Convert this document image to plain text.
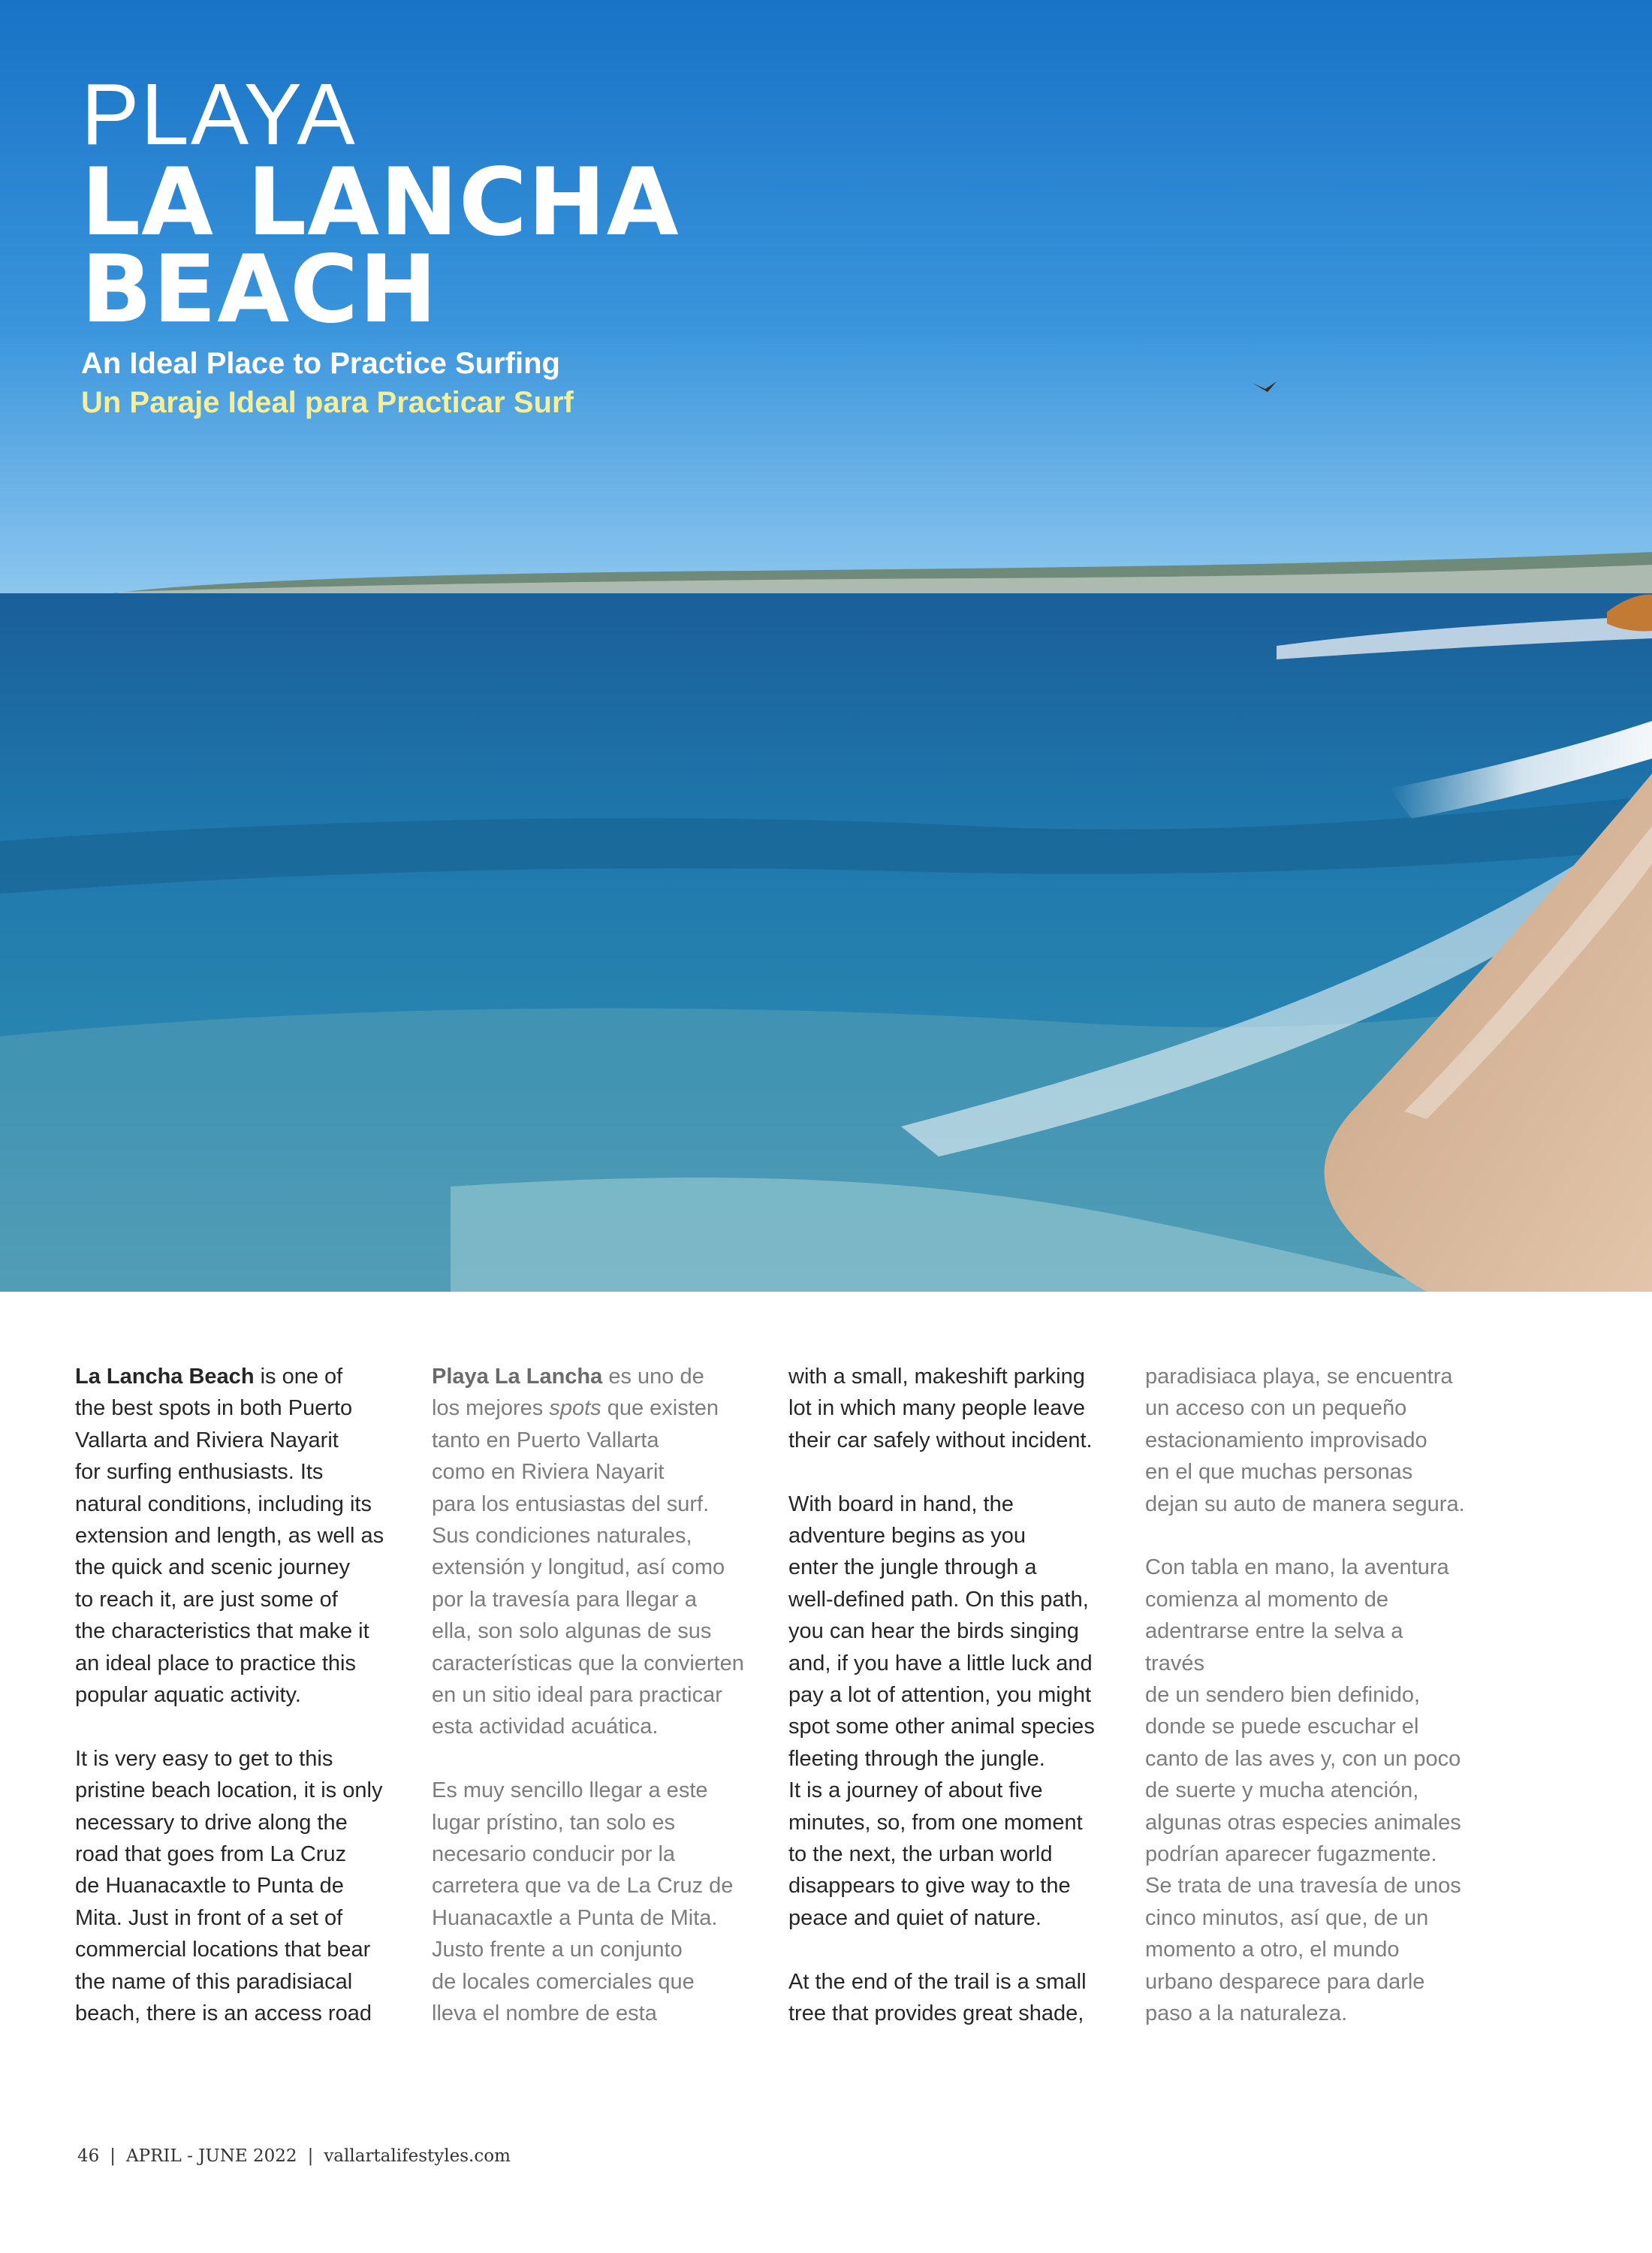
PLAYA
LA LANCHA
BEACH
An Ideal Place to Practice Surfing
Un Paraje Ideal para Practicar Surf

La Lancha Beach is one of
the best spots in both Puerto
Vallarta and Riviera Nayarit
for surfing enthusiasts. Its
natural conditions, including its
extension and length, as well as
the quick and scenic journey
to reach it, are just some of
the characteristics that make it
an ideal place to practice this
popular aquatic activity.

It is very easy to get to this
pristine beach location, it is only
necessary to drive along the
road that goes from La Cruz
de Huanacaxtle to Punta de
Mita. Just in front of a set of
commercial locations that bear
the name of this paradisiacal
beach, there is an access road

Playa La Lancha es uno de
los mejores spots que existen
tanto en Puerto Vallarta
como en Riviera Nayarit
para los entusiastas del surf.
Sus condiciones naturales,
extensión y longitud, así como
por la travesía para llegar a
ella, son solo algunas de sus
características que la convierten
en un sitio ideal para practicar
esta actividad acuática.

Es muy sencillo llegar a este
lugar prístino, tan solo es
necesario conducir por la
carretera que va de La Cruz de
Huanacaxtle a Punta de Mita.
Justo frente a un conjunto
de locales comerciales que
lleva el nombre de esta

with a small, makeshift parking
lot in which many people leave
their car safely without incident.

With board in hand, the
adventure begins as you
enter the jungle through a
well-defined path. On this path,
you can hear the birds singing
and, if you have a little luck and
pay a lot of attention, you might
spot some other animal species
fleeting through the jungle.
It is a journey of about five
minutes, so, from one moment
to the next, the urban world
disappears to give way to the
peace and quiet of nature.

At the end of the trail is a small
tree that provides great shade,

paradisiaca playa, se encuentra
un acceso con un pequeño
estacionamiento improvisado
en el que muchas personas
dejan su auto de manera segura.

Con tabla en mano, la aventura
comienza al momento de
adentrarse entre la selva a través
de un sendero bien definido,
donde se puede escuchar el
canto de las aves y, con un poco
de suerte y mucha atención,
algunas otras especies animales
podrían aparecer fugazmente.
Se trata de una travesía de unos
cinco minutos, así que, de un
momento a otro, el mundo
urbano desparece para darle
paso a la naturaleza.

46 | APRIL - JUNE 2022 | vallartalifestyles.com
